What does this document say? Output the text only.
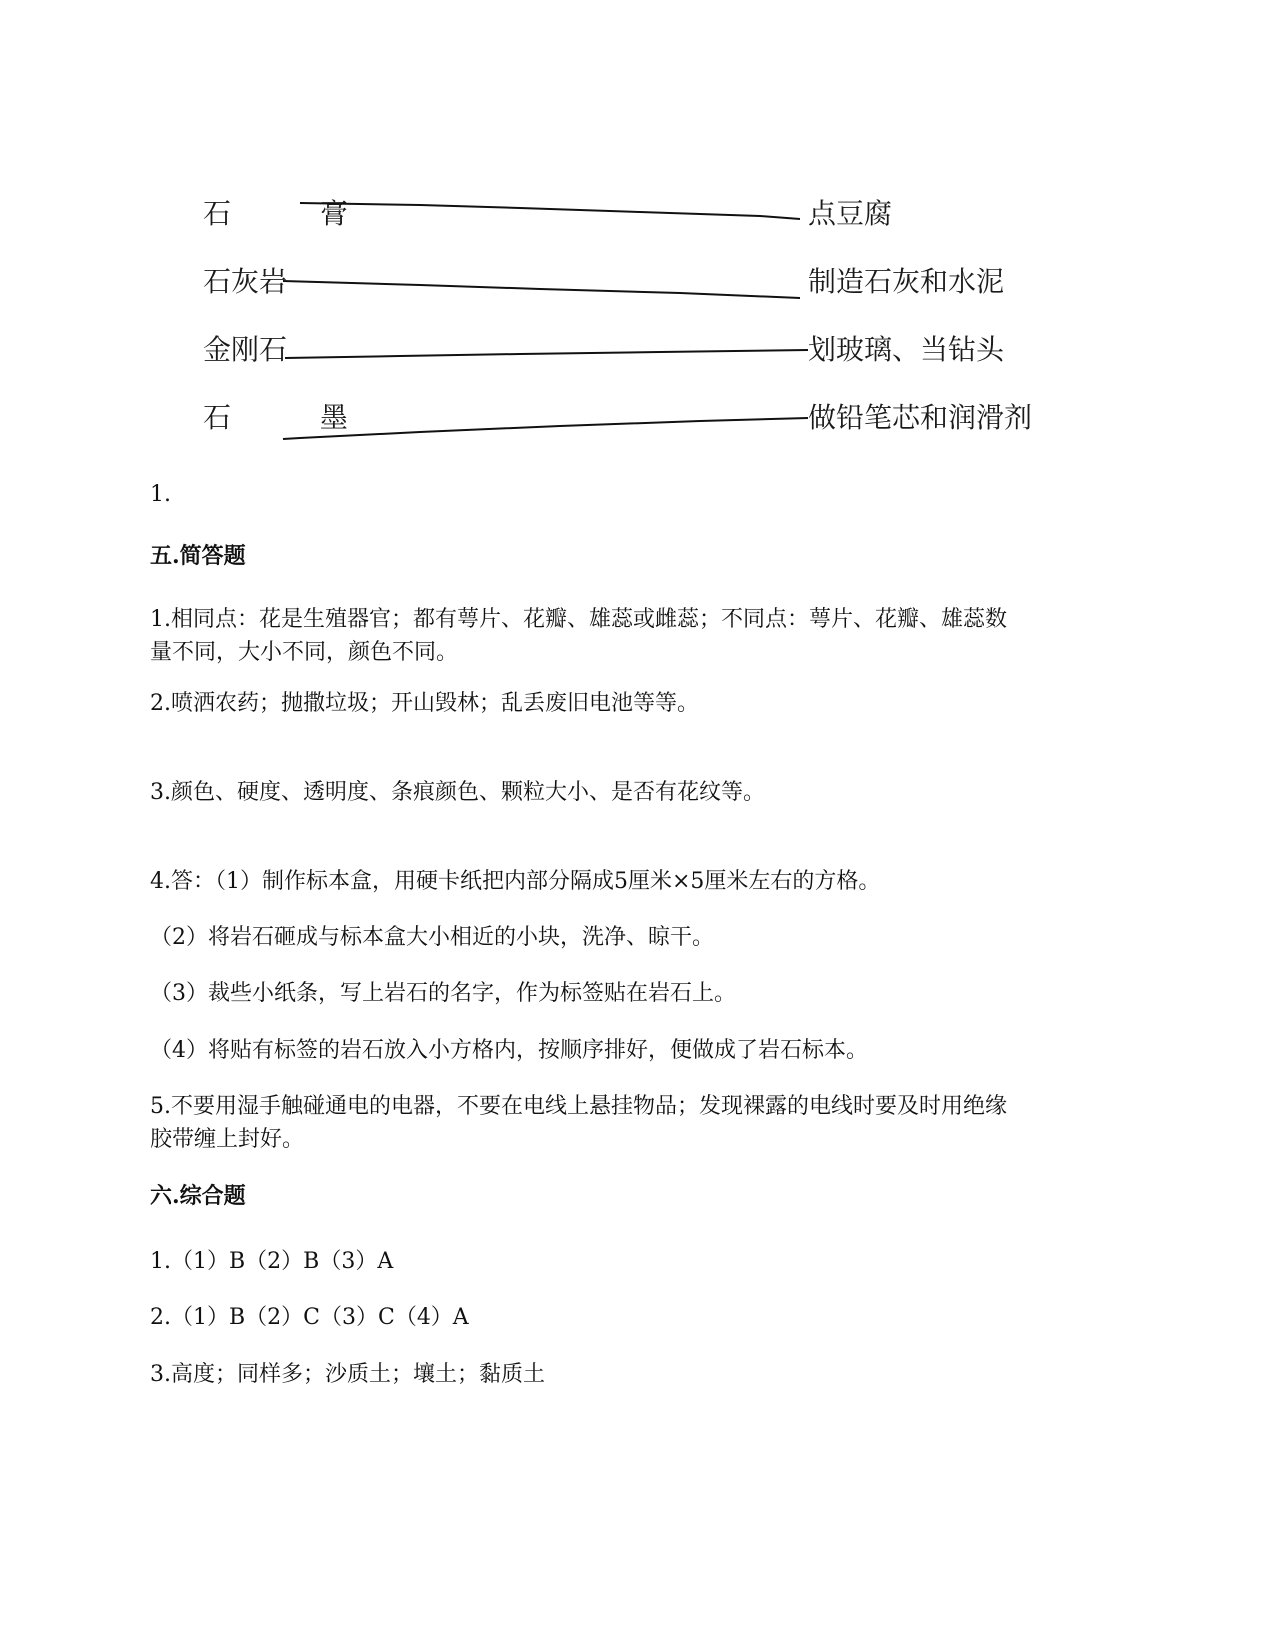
石 膏
石灰岩
金刚石
石 墨
点豆腐
制造石灰和水泥
划玻璃、当钻头
做铅笔芯和润滑剂

1.

五.简答题

1.相同点：花是生殖器官；都有萼片、花瓣、雄蕊或雌蕊；不同点：萼片、花瓣、雄蕊数
量不同，大小不同，颜色不同。

2.喷洒农药；抛撒垃圾；开山毁林；乱丢废旧电池等等。

3.颜色、硬度、透明度、条痕颜色、颗粒大小、是否有花纹等。

4.答：（1）制作标本盒，用硬卡纸把内部分隔成5厘米×5厘米左右的方格。

（2）将岩石砸成与标本盒大小相近的小块，洗净、晾干。

（3）裁些小纸条，写上岩石的名字，作为标签贴在岩石上。

（4）将贴有标签的岩石放入小方格内，按顺序排好，便做成了岩石标本。

5.不要用湿手触碰通电的电器，不要在电线上悬挂物品；发现裸露的电线时要及时用绝缘
胶带缠上封好。

六.综合题

1.（1）B（2）B（3）A

2.（1）B（2）C（3）C（4）A

3.高度；同样多；沙质土；壤土；黏质土
